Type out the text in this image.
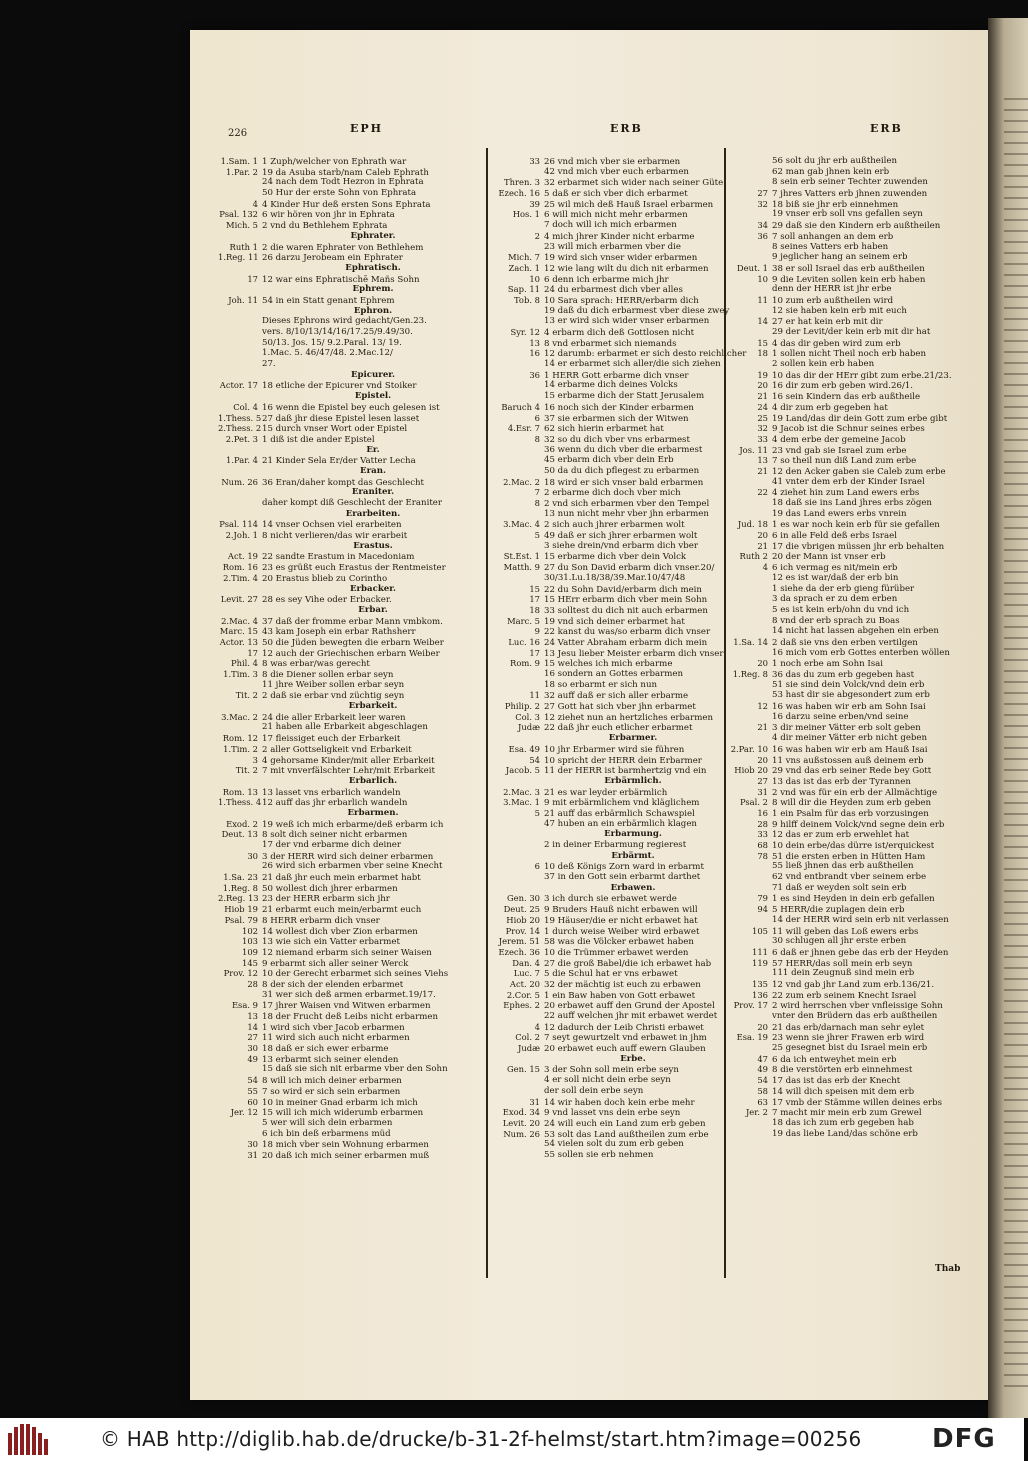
226	EPH	ERB	ERB
1.Sam. 1 1 Zuph/welcher von Ephrath war
1.Par. 2 19 da Asuba starb/nam Caleb Ephrath
24 nach dem Todt Hezron in Ephrata
50 Hur der erste Sohn von Ephrata
4 4 Kinder Hur deß ersten Sons Ephrata
Psal. 132 6 wir hören von jhr in Ephrata
Mich. 5 2 vnd du Bethlehem Ephrata
Ephrater.
Ruth 1 2 die waren Ephrater von Bethlehem
1.Reg. 11 26 darzu Jerobeam ein Ephrater
Ephratisch.
17 12 war eins Ephratischē Mañs Sohn
Ephrem.
Joh. 11 54 in ein Statt genant Ephrem
Ephron.
Dieses Ephrons wird gedacht/Gen.23.
vers. 8/10/13/14/16/17.25/9.49/30.
50/13. Jos. 15/ 9.2.Paral. 13/ 19.
1.Mac. 5. 46/47/48. 2.Mac.12/
27.
Epicurer.
Actor. 17 18 etliche der Epicurer vnd Stoiker
Epistel.
Col. 4 16 wenn die Epistel bey euch gelesen ist
1.Thess. 5 27 daß jhr diese Epistel lesen lasset
2.Thess. 2 15 durch vnser Wort oder Epistel
2.Pet. 3 1 diß ist die ander Epistel
Er.
1.Par. 4 21 Kinder Sela Er/der Vatter Lecha
Eran.
Num. 26 36 Eran/daher kompt das Geschlecht
Eraniter.
daher kompt diß Geschlecht der Eraniter
Erarbeiten.
Psal. 114 14 vnser Ochsen viel erarbeiten
2.Joh. 1 8 nicht verlieren/das wir erarbeit
Erastus.
Act. 19 22 sandte Erastum in Macedoniam
Rom. 16 23 es grüßt euch Erastus der Rentmeister
2.Tim. 4 20 Erastus blieb zu Corintho
Erbacker.
Levit. 27 28 es sey Vihe oder Erbacker.
Erbar.
2.Mac. 4 37 daß der fromme erbar Mann vmbkom.
Marc. 15 43 kam Joseph ein erbar Rathsherr
Actor. 13 50 die Jüden bewegten die erbarn Weiber
17 12 auch der Griechischen erbarn Weiber
Phil. 4 8 was erbar/was gerecht
1.Tim. 3 8 die Diener sollen erbar seyn
11 jhre Weiber sollen erbar seyn
Tit. 2 2 daß sie erbar vnd züchtig seyn
Erbarkeit.
3.Mac. 2 24 die aller Erbarkeit leer waren
21 haben alle Erbarkeit abgeschlagen
Rom. 12 17 fleissiget euch der Erbarkeit
1.Tim. 2 2 aller Gottseligkeit vnd Erbarkeit
3 4 gehorsame Kinder/mit aller Erbarkeit
Tit. 2 7 mit vnverfälschter Lehr/mit Erbarkeit
Erbarlich.
Rom. 13 13 lasset vns erbarlich wandeln
1.Thess. 4 12 auff das jhr erbarlich wandeln
Erbarmen.
Exod. 2 19 weß ich mich erbarme/deß erbarm ich
Deut. 13 8 solt dich seiner nicht erbarmen
17 der vnd erbarme dich deiner
30 3 der HERR wird sich deiner erbarmen
26 wird sich erbarmen vber seine Knecht
1.Sa. 23 21 daß jhr euch mein erbarmet habt
1.Reg. 8 50 wollest dich jhrer erbarmen
2.Reg. 13 23 der HERR erbarm sich jhr
Hiob 19 21 erbarmt euch mein/erbarmt euch
Psal. 79 8 HERR erbarm dich vnser
102 14 wollest dich vber Zion erbarmen
103 13 wie sich ein Vatter erbarmet
109 12 niemand erbarm sich seiner Waisen
145 9 erbarmt sich aller seiner Werck
Prov. 12 10 der Gerecht erbarmet sich seines Viehs
28 8 der sich der elenden erbarmet
31 wer sich deß armen erbarmet.19/17.
Esa. 9 17 jhrer Waisen vnd Witwen erbarmen
13 18 der Frucht deß Leibs nicht erbarmen
14 1 wird sich vber Jacob erbarmen
27 11 wird sich auch nicht erbarmen
30 18 daß er sich ewer erbarme
49 13 erbarmt sich seiner elenden
15 daß sie sich nit erbarme vber den Sohn
54 8 will ich mich deiner erbarmen
55 7 so wird er sich sein erbarmen
60 10 in meiner Gnad erbarm ich mich
Jer. 12 15 will ich mich widerumb erbarmen
5 wer will sich dein erbarmen
6 ich bin deß erbarmens müd
30 18 mich vber sein Wohnung erbarmen
31 20 daß ich mich seiner erbarmen muß
33 26 vnd mich vber sie erbarmen
42 vnd mich vber euch erbarmen
Thren. 3 32 erbarmet sich wider nach seiner Güte
Ezech. 16 5 daß er sich vber dich erbarmet
39 25 wil mich deß Hauß Israel erbarmen
Hos. 1 6 will mich nicht mehr erbarmen
7 doch will ich mich erbarmen
2 4 mich jhrer Kinder nicht erbarme
23 will mich erbarmen vber die
Mich. 7 19 wird sich vnser wider erbarmen
Zach. 1 12 wie lang wilt du dich nit erbarmen
10 6 denn ich erbarme mich jhr
Sap. 11 24 du erbarmest dich vber alles
Tob. 8 10 Sara sprach: HERR/erbarm dich
19 daß du dich erbarmest vber diese zwey
13 er wird sich wider vnser erbarmen
Syr. 12 4 erbarm dich deß Gottlosen nicht
13 8 vnd erbarmet sich niemands
16 12 darumb: erbarmet er sich desto reichlicher
14 er erbarmet sich aller/die sich ziehen
36 1 HERR Gott erbarme dich vnser
14 erbarme dich deines Volcks
15 erbarme dich der Statt Jerusalem
Baruch 4 16 noch sich der Kinder erbarmen
6 37 sie erbarmen sich der Witwen
4.Esr. 7 62 sich hierin erbarmet hat
8 32 so du dich vber vns erbarmest
36 wenn du dich vber die erbarmest
45 erbarm dich vber dein Erb
50 da du dich pflegest zu erbarmen
2.Mac. 2 18 wird er sich vnser bald erbarmen
7 2 erbarme dich doch vber mich
8 2 vnd sich erbarmen vber den Tempel
13 nun nicht mehr vber jhn erbarmen
3.Mac. 4 2 sich auch jhrer erbarmen wolt
5 49 daß er sich jhrer erbarmen wolt
3 siehe drein/vnd erbarm dich vber
St.Est. 1 15 erbarme dich vber dein Volck
Matth. 9 27 du Son David erbarm dich vnser.20/
30/31.Lu.18/38/39.Mar.10/47/48
15 22 du Sohn David/erbarm dich mein
17 15 HErr erbarm dich vber mein Sohn
18 33 solltest du dich nit auch erbarmen
Marc. 5 19 vnd sich deiner erbarmet hat
9 22 kanst du was/so erbarm dich vnser
Luc. 16 24 Vatter Abraham erbarm dich mein
17 13 Jesu lieber Meister erbarm dich vnser
Rom. 9 15 welches ich mich erbarme
16 sondern an Gottes erbarmen
18 so erbarmt er sich nun
11 32 auff daß er sich aller erbarme
Philip. 2 27 Gott hat sich vber jhn erbarmet
Col. 3 12 ziehet nun an hertzliches erbarmen
Judæ 22 daß jhr euch etlicher erbarmet
Erbarmer.
Esa. 49 10 jhr Erbarmer wird sie führen
54 10 spricht der HERR dein Erbarmer
Jacob. 5 11 der HERR ist barmhertzig vnd ein
Erbärmlich.
2.Mac. 3 21 es war leyder erbärmlich
3.Mac. 1 9 mit erbärmlichem vnd kläglichem
5 21 auff das erbärmlich Schawspiel
47 huben an ein erbärmlich klagen
Erbarmung.
2 in deiner Erbarmung regierest
Erbärmt.
6 10 deß Königs Zorn ward in erbarmt
37 in den Gott sein erbarmt darthet
Erbawen.
Gen. 30 3 ich durch sie erbawet werde
Deut. 25 9 Bruders Hauß nicht erbawen will
Hiob 20 19 Häuser/die er nicht erbawet hat
Prov. 14 1 durch weise Weiber wird erbawet
Jerem. 51 58 was die Völcker erbawet haben
Ezech. 36 10 die Trümmer erbawet werden
Dan. 4 27 die groß Babel/die ich erbawet hab
Luc. 7 5 die Schul hat er vns erbawet
Act. 20 32 der mächtig ist euch zu erbawen
2.Cor. 5 1 ein Baw haben von Gott erbawet
Ephes. 2 20 erbawet auff den Grund der Apostel
22 auff welchen jhr mit erbawet werdet
4 12 dadurch der Leib Christi erbawet
Col. 2 7 seyt gewurtzelt vnd erbawet in jhm
Judæ 20 erbawet euch auff ewern Glauben
Erbe.
Gen. 15 3 der Sohn soll mein erbe seyn
4 er soll nicht dein erbe seyn
der soll dein erbe seyn
31 14 wir haben doch kein erbe mehr
Exod. 34 9 vnd lasset vns dein erbe seyn
Levit. 20 24 will euch ein Land zum erb geben
Num. 26 53 solt das Land außtheilen zum erbe
54 vielen solt du zum erb geben
55 sollen sie erb nehmen
56 solt du jhr erb außtheilen
62 man gab jhnen kein erb
8 sein erb seiner Techter zuwenden
27 7 jhres Vatters erb jhnen zuwenden
32 18 biß sie jhr erb einnehmen
19 vnser erb soll vns gefallen seyn
34 29 daß sie den Kindern erb außtheilen
36 7 soll anhangen an dem erb
8 seines Vatters erb haben
9 jeglicher hang an seinem erb
Deut. 1 38 er soll Israel das erb außtheilen
10 9 die Leviten sollen kein erb haben
denn der HERR ist jhr erbe
11 10 zum erb außtheilen wird
12 sie haben kein erb mit euch
14 27 er hat kein erb mit dir
29 der Levit/der kein erb mit dir hat
15 4 das dir geben wird zum erb
18 1 sollen nicht Theil noch erb haben
2 sollen kein erb haben
19 10 das dir der HErr gibt zum erbe.21/23.
20 16 dir zum erb geben wird.26/1.
21 16 sein Kindern das erb außtheile
24 4 dir zum erb gegeben hat
25 19 Land/das dir dein Gott zum erbe gibt
32 9 Jacob ist die Schnur seines erbes
33 4 dem erbe der gemeine Jacob
Jos. 11 23 vnd gab sie Israel zum erbe
13 7 so theil nun diß Land zum erbe
21 12 den Acker gaben sie Caleb zum erbe
41 vnter dem erb der Kinder Israel
22 4 ziehet hin zum Land ewers erbs
18 daß sie ins Land jhres erbs zögen
19 das Land ewers erbs vnrein
Jud. 18 1 es war noch kein erb für sie gefallen
20 6 in alle Feld deß erbs Israel
21 17 die vbrigen müssen jhr erb behalten
Ruth 2 20 der Mann ist vnser erb
4 6 ich vermag es nit/mein erb
12 es ist war/daß der erb bin
1 siehe da der erb gieng fürüber
3 da sprach er zu dem erben
5 es ist kein erb/ohn du vnd ich
8 vnd der erb sprach zu Boas
14 nicht hat lassen abgehen ein erben
1.Sa. 14 2 daß sie vns den erben vertilgen
16 mich vom erb Gottes enterben wöllen
20 1 noch erbe am Sohn Isai
1.Reg. 8 36 das du zum erb gegeben hast
51 sie sind dein Volck/vnd dein erb
53 hast dir sie abgesondert zum erb
12 16 was haben wir erb am Sohn Isai
16 darzu seine erben/vnd seine
21 3 dir meiner Vätter erb solt geben
4 dir meiner Vätter erb nicht geben
2.Par. 10 16 was haben wir erb am Hauß Isai
20 11 vns außstossen auß deinem erb
Hiob 20 29 vnd das erb seiner Rede bey Gott
27 13 das ist das erb der Tyrannen
31 2 vnd was für ein erb der Allmächtige
Psal. 2 8 will dir die Heyden zum erb geben
16 1 ein Psalm für das erb vorzusingen
28 9 hilff deinem Volck/vnd segne dein erb
33 12 das er zum erb erwehlet hat
68 10 dein erbe/das dürre ist/erquickest
78 51 die ersten erben in Hütten Ham
55 ließ jhnen das erb außtheilen
62 vnd entbrandt vber seinem erbe
71 daß er weyden solt sein erb
79 1 es sind Heyden in dein erb gefallen
94 5 HERR/die zuplagen dein erb
14 der HERR wird sein erb nit verlassen
105 11 will geben das Loß ewers erbs
30 schlugen all jhr erste erben
111 6 daß er jhnen gebe das erb der Heyden
119 57 HERR/das soll mein erb seyn
111 dein Zeugnuß sind mein erb
135 12 vnd gab jhr Land zum erb.136/21.
136 22 zum erb seinem Knecht Israel
Prov. 17 2 wird herrschen vber vnfleissige Sohn
vnter den Brüdern das erb außtheilen
20 21 das erb/darnach man sehr eylet
Esa. 19 23 wenn sie jhrer Frawen erb wird
25 gesegnet bist du Israel mein erb
47 6 da ich entweyhet mein erb
49 8 die verstörten erb einnehmest
54 17 das ist das erb der Knecht
58 14 will dich speisen mit dem erb
63 17 vmb der Stämme willen deines erbs
Jer. 2 7 macht mir mein erb zum Grewel
18 das ich zum erb gegeben hab
19 das liebe Land/das schöne erb
Thab
© HAB http://diglib.hab.de/drucke/b-31-2f-helmst/start.htm?image=00256	DFG
